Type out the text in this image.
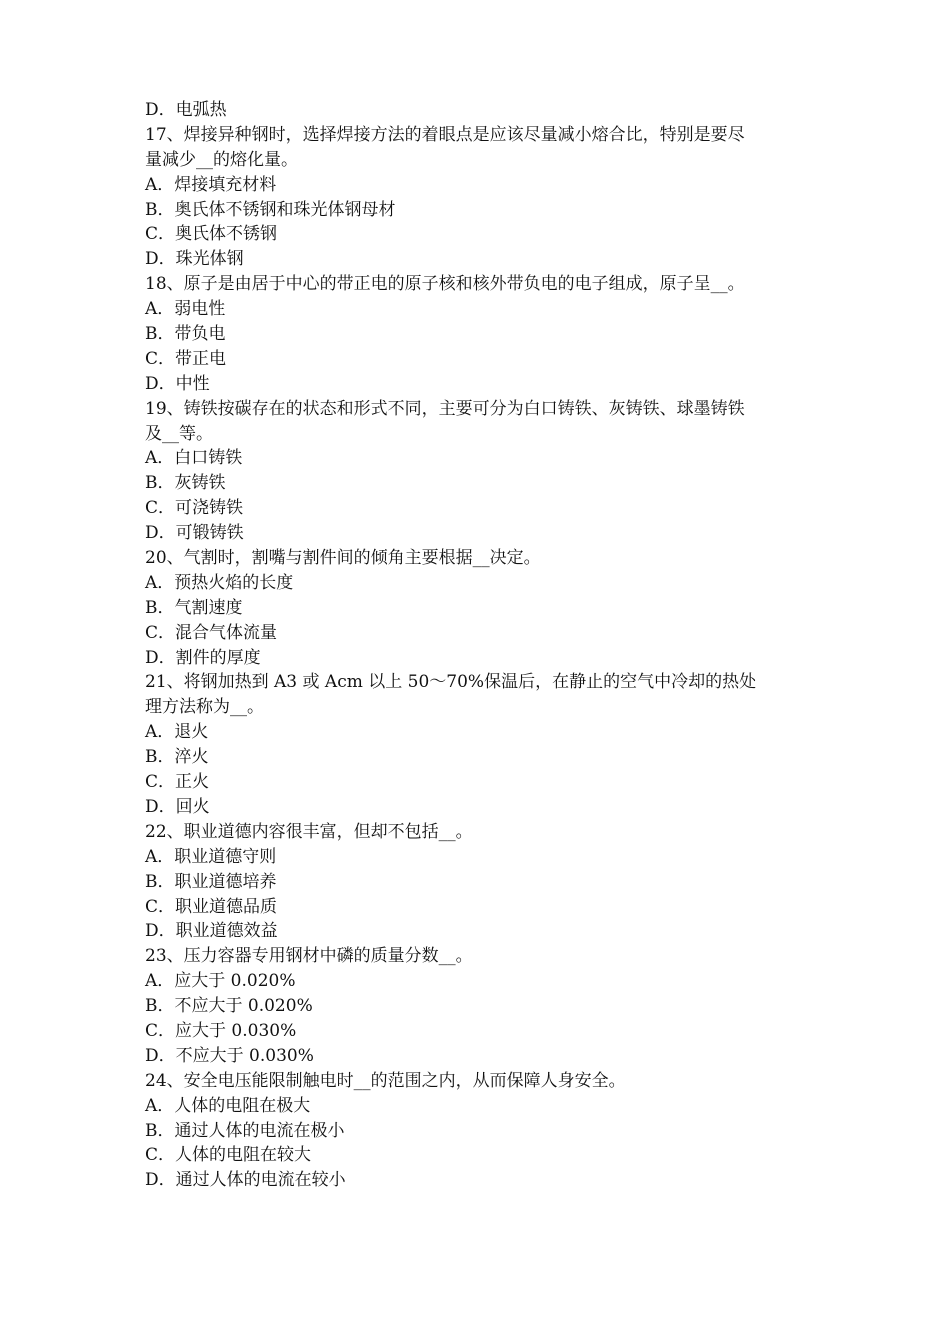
D．电弧热
17、焊接异种钢时，选择焊接方法的着眼点是应该尽量减小熔合比，特别是要尽
量减少__的熔化量。
A．焊接填充材料
B．奥氏体不锈钢和珠光体钢母材
C．奥氏体不锈钢
D．珠光体钢
18、原子是由居于中心的带正电的原子核和核外带负电的电子组成，原子呈__。
A．弱电性
B．带负电
C．带正电
D．中性
19、铸铁按碳存在的状态和形式不同，主要可分为白口铸铁、灰铸铁、球墨铸铁
及__等。
A．白口铸铁
B．灰铸铁
C．可浇铸铁
D．可锻铸铁
20、气割时，割嘴与割件间的倾角主要根据__决定。
A．预热火焰的长度
B．气割速度
C．混合气体流量
D．割件的厚度
21、将钢加热到 A3 或 Acm 以上 50～70%保温后，在静止的空气中冷却的热处
理方法称为__。
A．退火
B．淬火
C．正火
D．回火
22、职业道德内容很丰富，但却不包括__。
A．职业道德守则
B．职业道德培养
C．职业道德品质
D．职业道德效益
23、压力容器专用钢材中磷的质量分数__。
A．应大于 0.020%
B．不应大于 0.020%
C．应大于 0.030%
D．不应大于 0.030%
24、安全电压能限制触电时__的范围之内，从而保障人身安全。
A．人体的电阻在极大
B．通过人体的电流在极小
C．人体的电阻在较大
D．通过人体的电流在较小
